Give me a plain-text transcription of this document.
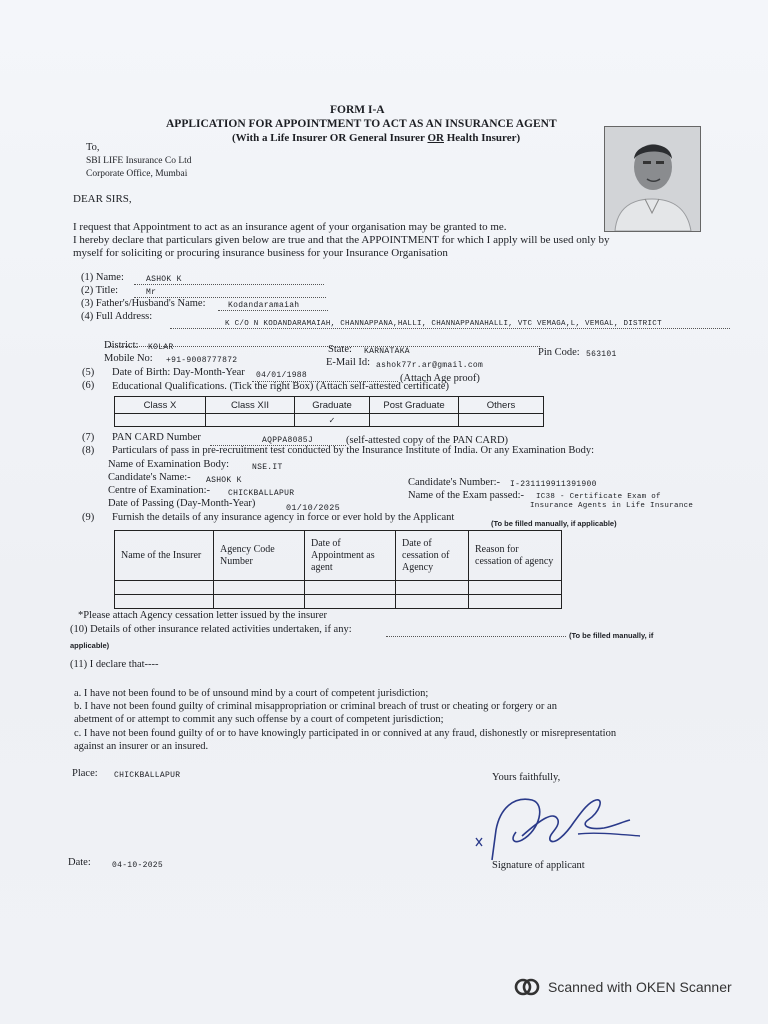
FORM I-A
APPLICATION FOR APPOINTMENT TO ACT AS AN INSURANCE AGENT
(With a Life Insurer OR General Insurer OR Health Insurer)
To,
SBI LIFE Insurance Co Ltd
Corporate Office, Mumbai
DEAR SIRS,
I request that Appointment to act as an insurance agent of your organisation may be granted to me.
I hereby declare that particulars given below are true and that the APPOINTMENT for which I apply will be used only by
myself for soliciting or procuring insurance business for your Insurance Organisation
(1) Name:	ASHOK K
(2) Title:	Mr
(3) Father's/Husband's Name:	Kodandaramaiah
(4) Full Address:
K C/O N KODANDARAMAIAH, CHANNAPPANA,HALLI, CHANNAPPANAHALLI, VTC VEMAGA,L, VEMGAL, DISTRICT
District: KOLAR	State: KARNATAKA	Pin Code: 563101
Mobile No: +91-9008777872	E-Mail Id: ashok77r.ar@gmail.com
(5) Date of Birth: Day-Month-Year 04/01/1988	(Attach Age proof)
(6) Educational Qualifications. (Tick the right Box) (Attach self-attested certificate)
Class X	Class XII	Graduate	Post Graduate	Others
		✓		
(7) PAN CARD Number	AQPPA8085J	(self-attested copy of the PAN CARD)
(8) Particulars of pass in pre-recruitment test conducted by the Insurance Institute of India. Or any Examination Body:
Name of Examination Body:	NSE.IT
Candidate's Name:- ASHOK K	Candidate's Number:- I-231119911391900
Centre of Examination:- CHICKBALLAPUR	Name of the Exam passed:- IC38 - Certificate Exam of
Insurance Agents in Life Insurance
Date of Passing (Day-Month-Year)	01/10/2025
(9) Furnish the details of any insurance agency in force or ever hold by the Applicant
(To be filled manually, if applicable)
Name of the Insurer	Agency Code Number	Date of Appointment as agent	Date of cessation of Agency	Reason for cessation of agency

*Please attach Agency cessation letter issued by the insurer
(10) Details of other insurance related activities undertaken, if any:
(To be filled manually, if
applicable)
(11) I declare that----
a. I have not been found to be of unsound mind by a court of competent jurisdiction;
b. I have not been found guilty of criminal misappropriation or criminal breach of trust or cheating or forgery or an
abetment of or attempt to commit any such offense by a court of competent jurisdiction;
c. I have not been found guilty of or to have knowingly participated in or connived at any fraud, dishonestly or misrepresentation
against an insurer or an insured.
Place: CHICKBALLAPUR	Yours faithfully,
Date:	04-10-2025	Signature of applicant
Scanned with OKEN Scanner
